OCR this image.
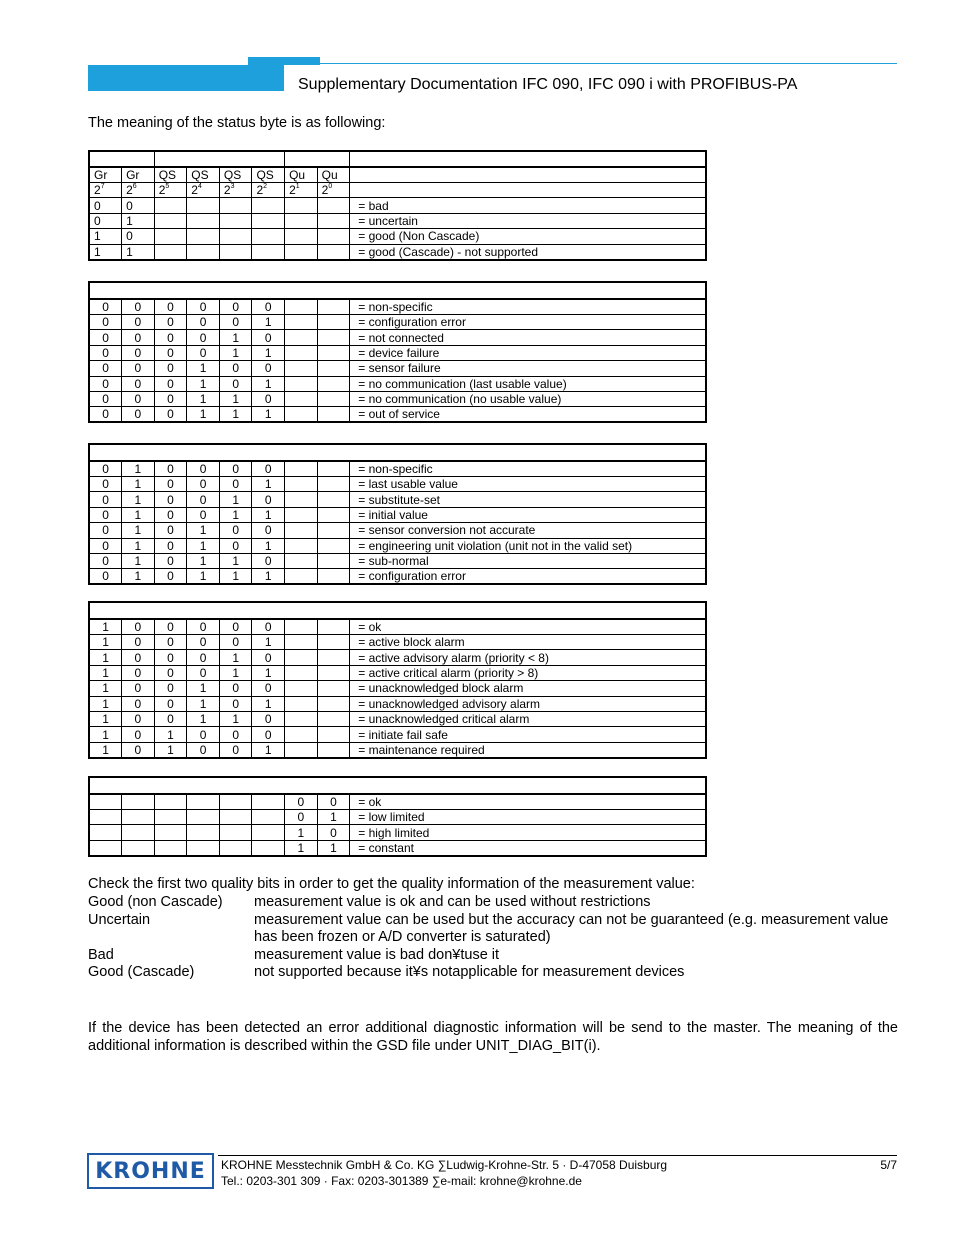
Supplementary Documentation IFC 090, IFC 090 i with PROFIBUS-PA
The meaning of the status byte is as following:

Gr	Gr	QS	QS	QS	QS	Qu	Qu	
$2^7$	$2^6$	$2^5$	$2^4$	$2^3$	$2^2$	$2^1$	$2^0$	
0	0							= bad
0	1							= uncertain
1	0							= good (Non Cascade)
1	1							= good (Cascade) - not supported

0	0	0	0	0	0			= non-specific
0	0	0	0	0	1			= configuration error
0	0	0	0	1	0			= not connected
0	0	0	0	1	1			= device failure
0	0	0	1	0	0			= sensor failure
0	0	0	1	0	1			= no communication (last usable value)
0	0	0	1	1	0			= no communication (no usable value)
0	0	0	1	1	1			= out of service

0	1	0	0	0	0			= non-specific
0	1	0	0	0	1			= last usable value
0	1	0	0	1	0			= substitute-set
0	1	0	0	1	1			= initial value
0	1	0	1	0	0			= sensor conversion not accurate
0	1	0	1	0	1			= engineering unit violation (unit not in the valid set)
0	1	0	1	1	0			= sub-normal
0	1	0	1	1	1			= configuration error

1	0	0	0	0	0			= ok
1	0	0	0	0	1			= active block alarm
1	0	0	0	1	0			= active advisory alarm (priority < 8)
1	0	0	0	1	1			= active critical alarm (priority > 8)
1	0	0	1	0	0			= unacknowledged block alarm
1	0	0	1	0	1			= unacknowledged advisory alarm
1	0	0	1	1	0			= unacknowledged critical alarm
1	0	1	0	0	0			= initiate fail safe
1	0	1	0	0	1			= maintenance required

						0	0	= ok
						0	1	= low limited
						1	0	= high limited
						1	1	= constant
Check the first two quality bits in order to get the quality information of the measurement value:
Good (non Cascade)	measurement value is ok and can be used without restrictions
Uncertain	measurement value can be used but the accuracy can not be guaranteed (e.g. measurement value has been frozen or A/D converter is saturated)
Bad	measurement value is bad don¥tuse it
Good (Cascade)	not supported because it¥s notapplicable for measurement devices
If the device has been detected an error additional diagnostic information will be send to the master. The meaning of the additional information is described within the GSD file under UNIT_DIAG_BIT(i).
KROHNE KROHNE Messtechnik GmbH & Co. KG ∑Ludwig-Krohne-Str. 5 · D-47058 Duisburg
Tel.: 0203-301 309 · Fax: 0203-301389 ∑e-mail: krohne@krohne.de
5/7
